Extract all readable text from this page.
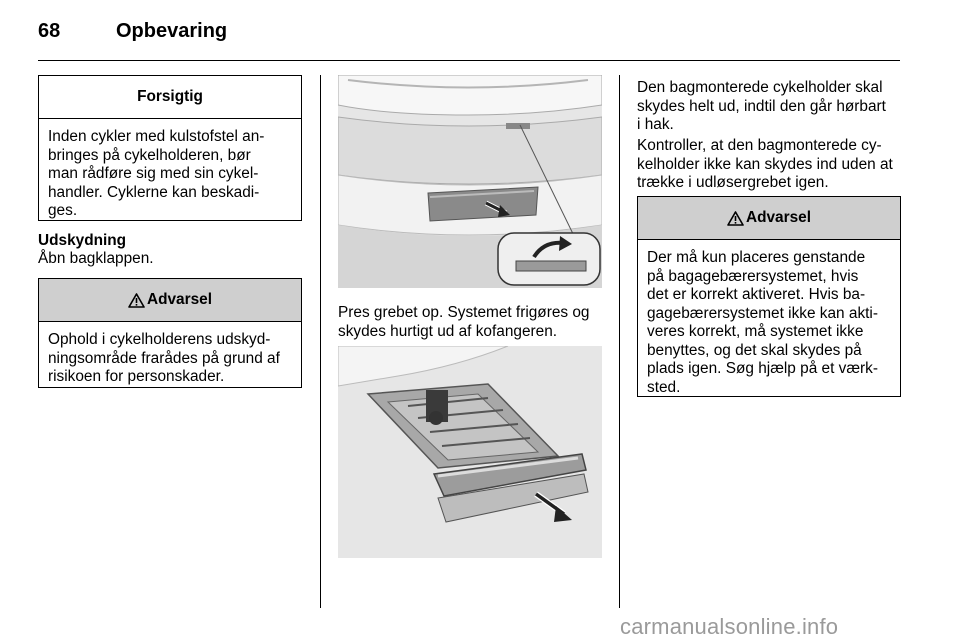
68	Opbevaring
Forsigtig
Inden cykler med kulstofstel an-
bringes på cykelholderen, bør
man rådføre sig med sin cykel-
handler. Cyklerne kan beskadi-
ges.
Udskydning
Åbn bagklappen.
Advarsel
Ophold i cykelholderens udskyd-
ningsområde frarådes på grund af
risikoen for personskader.
Pres grebet op. Systemet frigøres og
skydes hurtigt ud af kofangeren.
Den bagmonterede cykelholder skal
skydes helt ud, indtil den går hørbart
i hak.
Kontroller, at den bagmonterede cy-
kelholder ikke kan skydes ind uden at
trække i udløsergrebet igen.
Advarsel
Der må kun placeres genstande
på bagagebærersystemet, hvis
det er korrekt aktiveret. Hvis ba-
gagebærersystemet ikke kan akti-
veres korrekt, må systemet ikke
benyttes, og det skal skydes på
plads igen. Søg hjælp på et værk-
sted.
carmanualsonline.info
